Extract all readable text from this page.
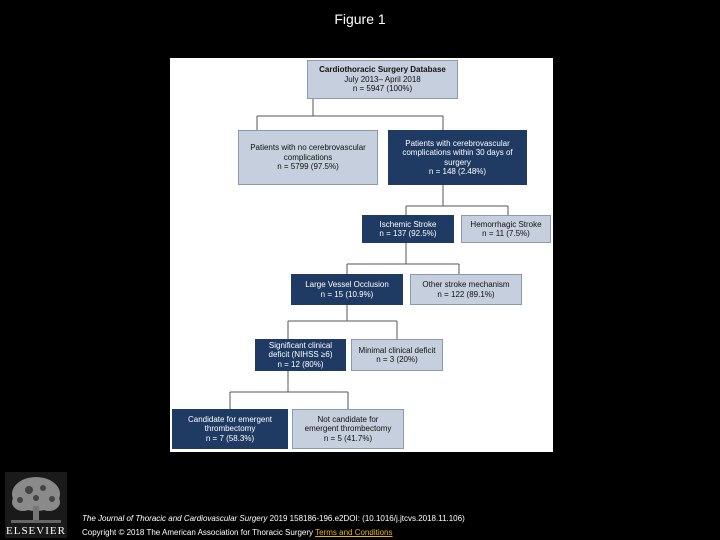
Figure 1
Cardiothoracic Surgery Database
July 2013– April 2018
n = 5947 (100%)
Patients with no cerebrovascular
complications
n = 5799 (97.5%)
Patients with cerebrovascular
complications within 30 days of
surgery
n = 148 (2.48%)
Ischemic Stroke
n = 137 (92.5%)
Hemorrhagic Stroke
n = 11 (7.5%)
Large Vessel Occlusion
n = 15 (10.9%)
Other stroke mechanism
n = 122 (89.1%)
Significant clinical
deficit (NIHSS ≥6)
n = 12 (80%)
Minimal clinical deficit
n = 3 (20%)
Candidate for emergent
thrombectomy
n = 7 (58.3%)
Not candidate for
emergent thrombectomy
n = 5 (41.7%)
ELSEVIER
The Journal of Thoracic and Cardiovascular Surgery 2019 158186-196.e2DOI: (10.1016/j.jtcvs.2018.11.106)
Copyright © 2018 The American Association for Thoracic Surgery Terms and Conditions
